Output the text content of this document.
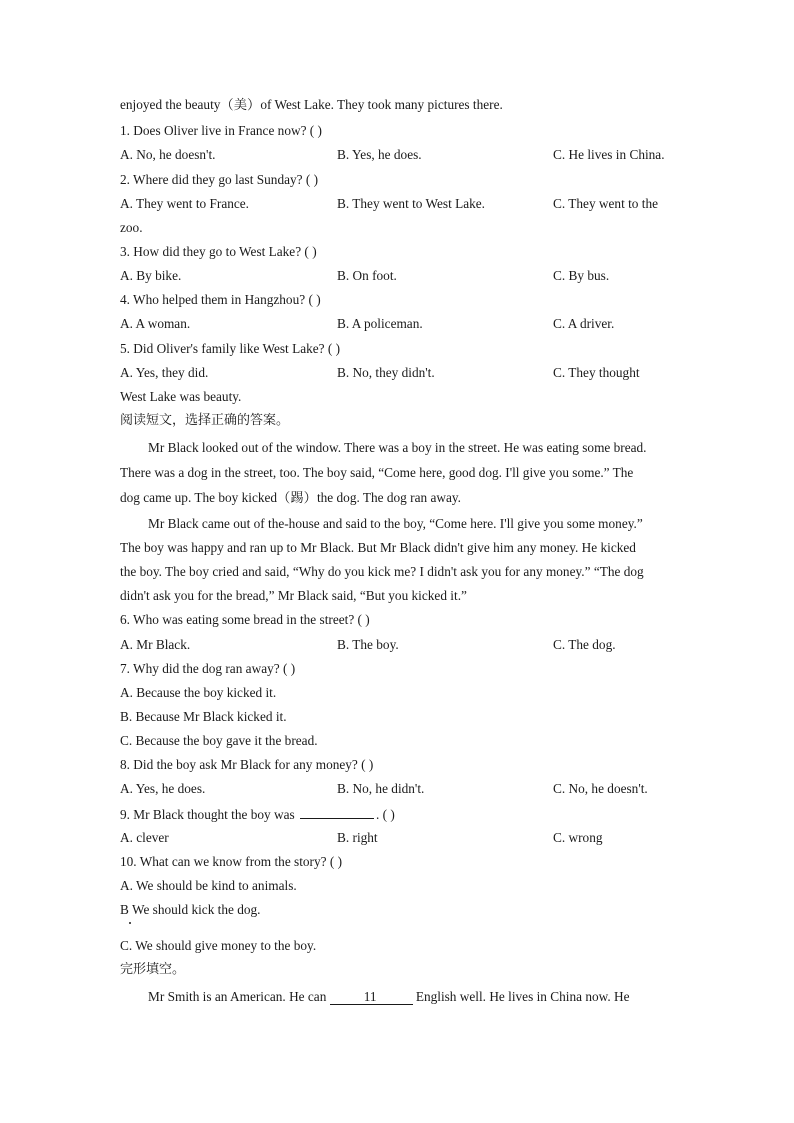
enjoyed the beauty（美）of West Lake. They took many pictures there.
1. Does Oliver live in France now? ( )
A. No, he doesn't.	B. Yes, he does.	C. He lives in China.
2. Where did they go last Sunday? ( )
A. They went to France.	B. They went to West Lake.	C. They went to the
zoo.
3. How did they go to West Lake? ( )
A. By bike.	B. On foot.	C. By bus.
4. Who helped them in Hangzhou? ( )
A. A woman.	B. A policeman.	C. A driver.
5. Did Oliver's family like West Lake? ( )
A. Yes, they did.	B. No, they didn't.	C. They thought
West Lake was beauty.
阅读短文，选择正确的答案。
Mr Black looked out of the window. There was a boy in the street. He was eating some bread.
There was a dog in the street, too. The boy said, “Come here, good dog. I'll give you some.” The
dog came up. The boy kicked（踢）the dog. The dog ran away.
Mr Black came out of the-house and said to the boy, “Come here. I'll give you some money.”
The boy was happy and ran up to Mr Black. But Mr Black didn't give him any money. He kicked
the boy. The boy cried and said, “Why do you kick me? I didn't ask you for any money.” “The dog
didn't ask you for the bread,” Mr Black said, “But you kicked it.”
6. Who was eating some bread in the street? ( )
A. Mr Black.	B. The boy.	C. The dog.
7. Why did the dog ran away? ( )
A. Because the boy kicked it.
B. Because Mr Black kicked it.
C. Because the boy gave it the bread.
8. Did the boy ask Mr Black for any money? ( )
A. Yes, he does.	B. No, he didn't.	C. No, he doesn't.
9. Mr Black thought the boy was	. ( )
A. clever	B. right	C. wrong
10. What can we know from the story? ( )
A. We should be kind to animals.
B We should kick the dog.
C. We should give money to the boy.
完形填空。
Mr Smith is an American. He can	11	English well. He lives in China now. He
